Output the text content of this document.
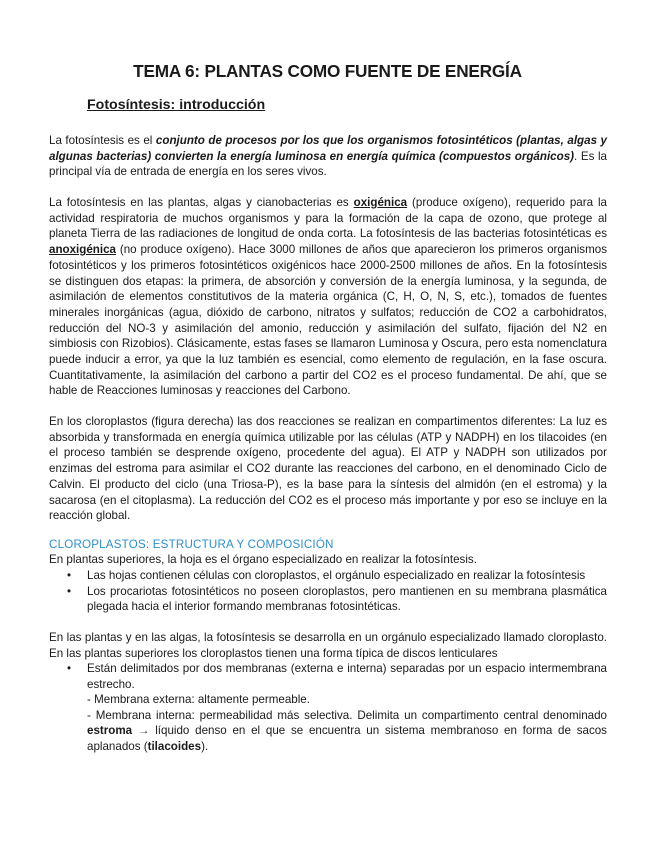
TEMA 6: PLANTAS COMO FUENTE DE ENERGÍA
Fotosíntesis: introducción

La fotosíntesis es el conjunto de procesos por los que los organismos fotosintéticos (plantas, algas y algunas bacterias) convierten la energía luminosa en energía química (compuestos orgánicos). Es la principal vía de entrada de energía en los seres vivos.

La fotosíntesis en las plantas, algas y cianobacterias es oxigénica (produce oxígeno), requerido para la actividad respiratoria de muchos organismos y para la formación de la capa de ozono, que protege al planeta Tierra de las radiaciones de longitud de onda corta. La fotosíntesis de las bacterias fotosintéticas es anoxigénica (no produce oxígeno). Hace 3000 millones de años que aparecieron los primeros organismos fotosintéticos y los primeros fotosintéticos oxigénicos hace 2000-2500 millones de años. En la fotosíntesis se distinguen dos etapas: la primera, de absorción y conversión de la energía luminosa, y la segunda, de asimilación de elementos constitutivos de la materia orgánica (C, H, O, N, S, etc.), tomados de fuentes minerales inorgánicas (agua, dióxido de carbono, nitratos y sulfatos; reducción de CO2 a carbohidratos, reducción del NO-3 y asimilación del amonio, reducción y asimilación del sulfato, fijación del N2 en simbiosis con Rizobios). Clásicamente, estas fases se llamaron Luminosa y Oscura, pero esta nomenclatura puede inducir a error, ya que la luz también es esencial, como elemento de regulación, en la fase oscura. Cuantitativamente, la asimilación del carbono a partir del CO2 es el proceso fundamental. De ahí, que se hable de Reacciones luminosas y reacciones del Carbono.

En los cloroplastos (figura derecha) las dos reacciones se realizan en compartimentos diferentes: La luz es absorbida y transformada en energía química utilizable por las células (ATP y NADPH) en los tilacoides (en el proceso también se desprende oxígeno, procedente del agua). El ATP y NADPH son utilizados por enzimas del estroma para asimilar el CO2 durante las reacciones del carbono, en el denominado Ciclo de Calvin. El producto del ciclo (una Triosa-P), es la base para la síntesis del almidón (en el estroma) y la sacarosa (en el citoplasma). La reducción del CO2 es el proceso más importante y por eso se incluye en la reacción global.

CLOROPLASTOS: ESTRUCTURA Y COMPOSICIÓN

En plantas superiores, la hoja es el órgano especializado en realizar la fotosíntesis.

• Las hojas contienen células con cloroplastos, el orgánulo especializado en realizar la fotosíntesis
• Los procariotas fotosintéticos no poseen cloroplastos, pero mantienen en su membrana plasmática plegada hacia el interior formando membranas fotosintéticas.

En las plantas y en las algas, la fotosíntesis se desarrolla en un orgánulo especializado llamado cloroplasto. En las plantas superiores los cloroplastos tienen una forma típica de discos lenticulares

• Están delimitados por dos membranas (externa e interna) separadas por un espacio intermembrana estrecho.
- Membrana externa: altamente permeable.
- Membrana interna: permeabilidad más selectiva. Delimita un compartimento central denominado estroma → líquido denso en el que se encuentra un sistema membranoso en forma de sacos aplanados (tilacoides).
